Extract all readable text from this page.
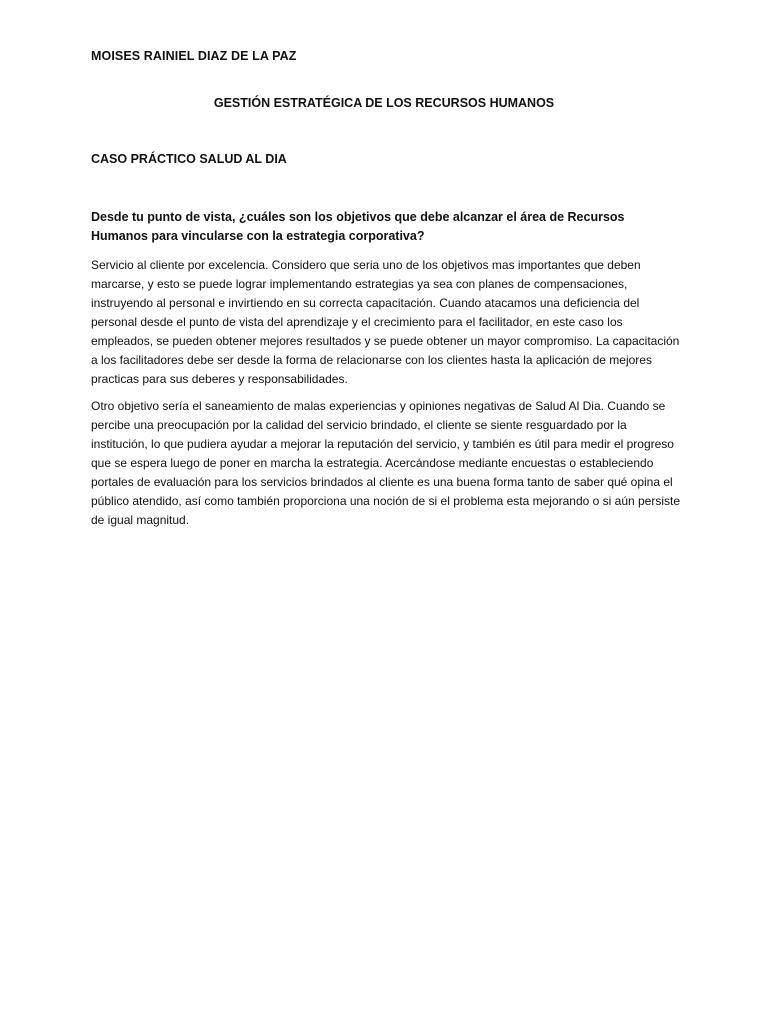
MOISES RAINIEL DIAZ DE LA PAZ
GESTIÓN ESTRATÉGICA DE LOS RECURSOS HUMANOS
CASO PRÁCTICO SALUD AL DIA
Desde tu punto de vista, ¿cuáles son los objetivos que debe alcanzar el área de Recursos Humanos para vincularse con la estrategia corporativa?

Servicio al cliente por excelencia. Considero que seria uno de los objetivos mas importantes que deben marcarse, y esto se puede lograr implementando estrategias ya sea con planes de compensaciones, instruyendo al personal e invirtiendo en su correcta capacitación. Cuando atacamos una deficiencia del personal desde el punto de vista del aprendizaje y el crecimiento para el facilitador, en este caso los empleados, se pueden obtener mejores resultados y se puede obtener un mayor compromiso. La capacitación a los facilitadores debe ser desde la forma de relacionarse con los clientes hasta la aplicación de mejores practicas para sus deberes y responsabilidades.

Otro objetivo sería el saneamiento de malas experiencias y opiniones negativas de Salud Al Dia. Cuando se percibe una preocupación por la calidad del servicio brindado, el cliente se siente resguardado por la institución, lo que pudiera ayudar a mejorar la reputación del servicio, y también es útil para medir el progreso que se espera luego de poner en marcha la estrategia. Acercándose mediante encuestas o estableciendo portales de evaluación para los servicios brindados al cliente es una buena forma tanto de saber qué opina el público atendido, así como también proporciona una noción de si el problema esta mejorando o si aún persiste de igual magnitud.
